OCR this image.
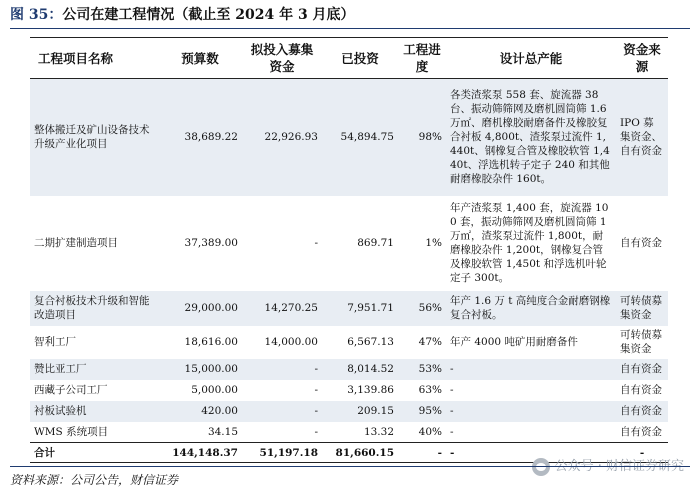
图 35：公司在建工程情况（截止至 2024 年 3 月底）
工程项目名称	预算数	拟投入募集资金	已投资	工程进度	设计总产能	资金来源
整体搬迁及矿山设备技术升级产业化项目	38,689.22	22,926.93	54,894.75	98%	各类渣浆泵 558 套、旋流器 38 台、振动筛筛网及磨机圆筒筛 1.6 万㎡、磨机橡胶耐磨备件及橡胶复合衬板 4,800t、渣浆泵过流件 1,440t、钢橡复合管及橡胶软管 1,440t、浮选机转子定子 240 和其他耐磨橡胶杂件 160t。	IPO 募集资金、自有资金
二期扩建制造项目	37,389.00	-	869.71	1%	年产渣浆泵 1,400 套，旋流器 100 套，振动筛筛网及磨机圆筒筛 1 万㎡，渣浆泵过流件 1,800t，耐磨橡胶杂件 1,200t，钢橡复合管及橡胶软管 1,450t 和浮选机叶轮定子 300t。	自有资金
复合衬板技术升级和智能改造项目	29,000.00	14,270.25	7,951.71	56%	年产 1.6 万 t 高纯度合金耐磨钢橡复合衬板。	可转债募集资金
智利工厂	18,616.00	14,000.00	6,567.13	47%	年产 4000 吨矿用耐磨备件	可转债募集资金
赞比亚工厂	15,000.00	-	8,014.52	53%	-	自有资金
西藏子公司工厂	5,000.00	-	3,139.86	63%	-	自有资金
衬板试验机	420.00	-	209.15	95%	-	自有资金
WMS 系统项目	34.15	-	13.32	40%	-	自有资金
合计	144,148.37	51,197.18	81,660.15	-	-	-
公众号 · 财信证券研究
资料来源：公司公告，财信证券
